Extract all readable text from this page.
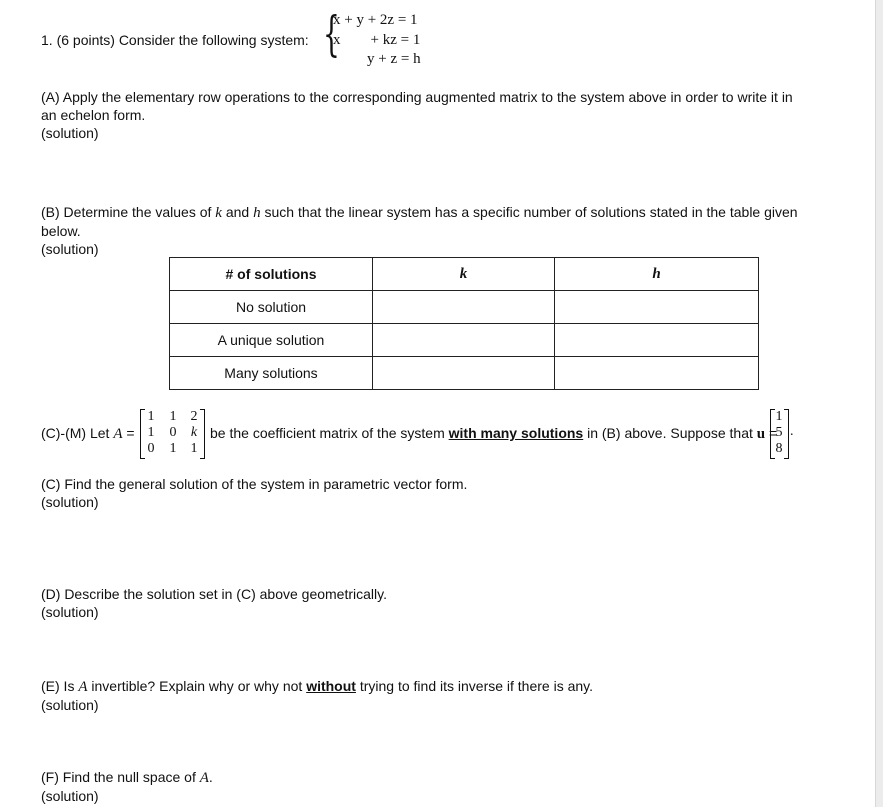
1. (6 points) Consider the following system: {
x + y + 2z = 1
x        + kz = 1
y + z = h
(A) Apply the elementary row operations to the corresponding augmented matrix to the system above in order to write it in
an echelon form.
(solution)
(B) Determine the values of k and h such that the linear system has a specific number of solutions stated in the table given
below.
(solution)
# of solutions	k	h
No solution		
A unique solution		
Many solutions		
(C)-(M) Let A =
1 1 2
1 0 k
0 1 1
be the coefficient matrix of the system with many solutions in (B) above. Suppose that u =
1
5
8
.
(C) Find the general solution of the system in parametric vector form.
(solution)
(D) Describe the solution set in (C) above geometrically.
(solution)
(E) Is A invertible? Explain why or why not without trying to find its inverse if there is any.
(solution)
(F) Find the null space of A.
(solution)
